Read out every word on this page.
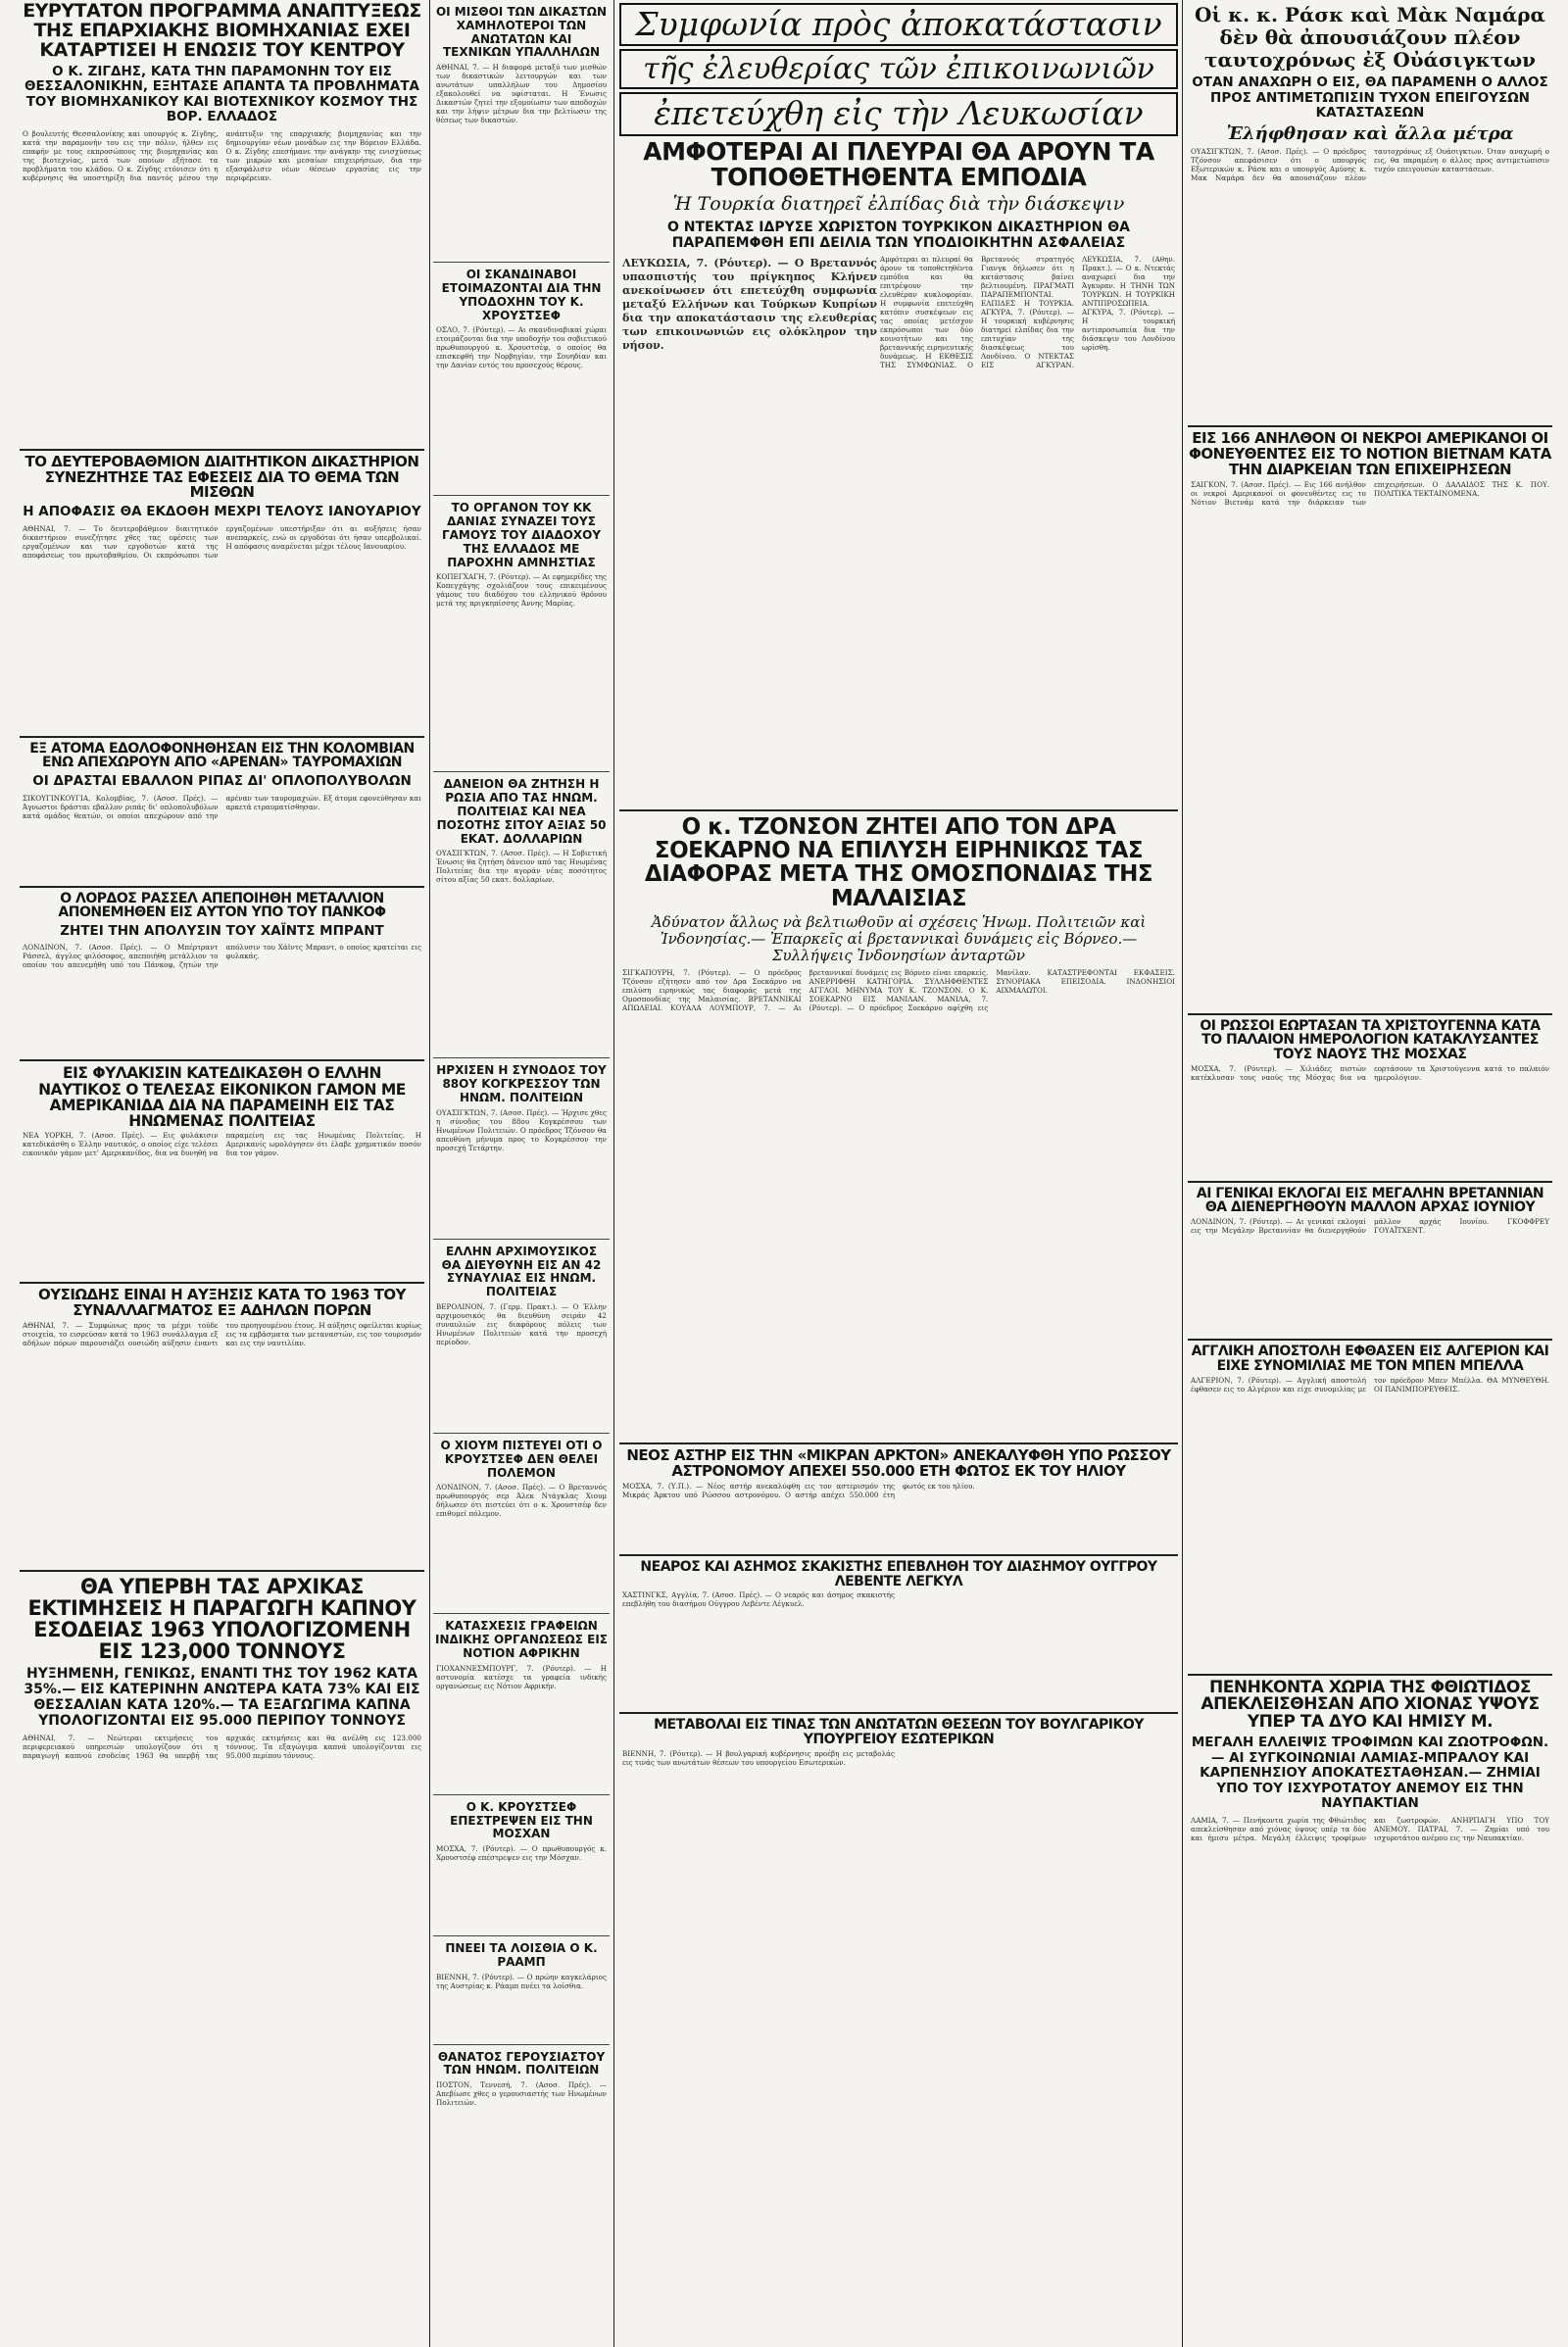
ΕΥΡΥΤΑΤΟΝ ΠΡΟΓΡΑΜΜΑ ΑΝΑΠΤΥΞΕΩΣ ΤΗΣ ΕΠΑΡΧΙΑΚΗΣ ΒΙΟΜΗΧΑΝΙΑΣ ΕΧΕΙ ΚΑΤΑΡΤΙΣΕΙ Η ΕΝΩΣΙΣ ΤΟΥ ΚΕΝΤΡΟΥ
Ο Κ. ΖΙΓΔΗΣ, ΚΑΤΑ ΤΗΝ ΠΑΡΑΜΟΝΗΝ ΤΟΥ ΕΙΣ ΘΕΣΣΑΛΟΝΙΚΗΝ, ΕΞΗΤΑΣΕ ΑΠΑΝΤΑ ΤΑ ΠΡΟΒΛΗΜΑΤΑ ΤΟΥ ΒΙΟΜΗΧΑΝΙΚΟΥ ΚΑΙ ΒΙΟΤΕΧΝΙΚΟΥ ΚΟΣΜΟΥ ΤΗΣ ΒΟΡ. ΕΛΛΑΔΟΣ
Ο βουλευτής Θεσσαλονίκης και υπουργός κ. Ζίγδης, κατά την παραμονήν του εις την πόλιν, ήλθεν εις επαφήν με τους εκπροσώπους της βιομηχανίας και της βιοτεχνίας, μετά των οποίων εξήτασε τα προβλήματα του κλάδου. Ο κ. Ζίγδης ετόνισεν ότι η κυβέρνησις θα υποστηρίξη δια παντός μέσου την ανάπτυξιν της επαρχιακής βιομηχανίας και την δημιουργίαν νέων μονάδων εις την Βόρειον Ελλάδα. Ο κ. Ζίγδης επεσήμανε την ανάγκην της ενισχύσεως των μικρών και μεσαίων επιχειρήσεων, δια την εξασφάλισιν νέων θέσεων εργασίας εις την περιφέρειαν.
ΤΟ ΔΕΥΤΕΡΟΒΑΘΜΙΟΝ ΔΙΑΙΤΗΤΙΚΟΝ ΔΙΚΑΣΤΗΡΙΟΝ ΣΥΝΕΖΗΤΗΣΕ ΤΑΣ ΕΦΕΣΕΙΣ ΔΙΑ ΤΟ ΘΕΜΑ ΤΩΝ ΜΙΣΘΩΝ
Η ΑΠΟΦΑΣΙΣ ΘΑ ΕΚΔΟΘΗ ΜΕΧΡΙ ΤΕΛΟΥΣ ΙΑΝΟΥΑΡΙΟΥ
ΑΘΗΝΑΙ, 7. — Το δευτεροβάθμιον διαιτητικόν δικαστήριον συνεζήτησε χθες τας εφέσεις των εργαζομένων και των εργοδοτών κατά της αποφάσεως του πρωτοβαθμίου. Οι εκπρόσωποι των εργαζομένων υπεστήριξαν ότι αι αυξήσεις ήσαν ανεπαρκείς, ενώ οι εργοδόται ότι ήσαν υπερβολικαί. Η απόφασις αναμένεται μέχρι τέλους Ιανουαρίου.
ΕΞ ΑΤΟΜΑ ΕΔΟΛΟΦΟΝΗΘΗΣΑΝ ΕΙΣ ΤΗΝ ΚΟΛΟΜΒΙΑΝ ΕΝΩ ΑΠΕΧΩΡΟΥΝ ΑΠΟ «ΑΡΕΝΑΝ» ΤΑΥΡΟΜΑΧΙΩΝ
ΟΙ ΔΡΑΣΤΑΙ ΕΒΑΛΛΟΝ ΡΙΠΑΣ ΔΙ' ΟΠΛΟΠΟΛΥΒΟΛΩΝ
ΣΙΚΟΥΓΙΝΚΟΥΓΙΑ, Κολομβίας, 7. (Ασοσ. Πρές). — Άγνωστοι δράσται εβαλλον ριπάς δι' οπλοπολυβόλων κατά ομάδος θεατών, οι οποίοι απεχώρουν από την αρέναν των ταυρομαχιών. Εξ άτομα εφονεύθησαν και αρκετά ετραυματίσθησαν.
Ο ΛΟΡΔΟΣ ΡΑΣΣΕΛ ΑΠΕΠΟΙΗΘΗ ΜΕΤΑΛΛΙΟΝ ΑΠΟΝΕΜΗΘΕΝ ΕΙΣ ΑΥΤΟΝ ΥΠΟ ΤΟΥ ΠΑΝΚΟΦ
ΖΗΤΕΙ ΤΗΝ ΑΠΟΛΥΣΙΝ ΤΟΥ ΧΑΪΝΤΣ ΜΠΡΑΝΤ
ΛΟΝΔΙΝΟΝ, 7. (Ασοσ. Πρές). — Ο Μπέρτραντ Ράσσελ, άγγλος φιλόσοφος, απεποιήθη μετάλλιον το οποίον του απενεμήθη υπό του Πάνκοφ, ζητών την απόλυσιν του Χάϊντς Μπραντ, ο οποίος κρατείται εις φυλακάς.
ΕΙΣ ΦΥΛΑΚΙΣΙΝ ΚΑΤΕΔΙΚΑΣΘΗ Ο ΕΛΛΗΝ ΝΑΥΤΙΚΟΣ Ο ΤΕΛΕΣΑΣ ΕΙΚΟΝΙΚΟΝ ΓΑΜΟΝ ΜΕ ΑΜΕΡΙΚΑΝΙΔΑ ΔΙΑ ΝΑ ΠΑΡΑΜΕΙΝΗ ΕΙΣ ΤΑΣ ΗΝΩΜΕΝΑΣ ΠΟΛΙΤΕΙΑΣ
ΝΕΑ ΥΟΡΚΗ, 7. (Ασοσ. Πρές). — Εις φυλάκισιν κατεδικάσθη ο Έλλην ναυτικός, ο οποίος είχε τελέσει εικονικόν γάμον μετ' Αμερικανίδος, δια να δυνηθή να παραμείνη εις τας Ηνωμένας Πολιτείας. Η Αμερικανίς ωμολόγησεν ότι έλαβε χρηματικόν ποσόν δια τον γάμον.
ΟΥΣΙΩΔΗΣ ΕΙΝΑΙ Η ΑΥΞΗΣΙΣ ΚΑΤΑ ΤΟ 1963 ΤΟΥ ΣΥΝΑΛΛΑΓΜΑΤΟΣ ΕΞ ΑΔΗΛΩΝ ΠΟΡΩΝ
ΑΘΗΝΑΙ, 7. — Συμφώνως προς τα μέχρι τούδε στοιχεία, το εισρεύσαν κατά το 1963 συνάλλαγμα εξ αδήλων πόρων παρουσιάζει ουσιώδη αύξησιν έναντι του προηγουμένου έτους. Η αύξησις οφείλεται κυρίως εις τα εμβάσματα των μεταναστών, εις τον τουρισμόν και εις την ναυτιλίαν.
ΘΑ ΥΠΕΡΒΗ ΤΑΣ ΑΡΧΙΚΑΣ ΕΚΤΙΜΗΣΕΙΣ Η ΠΑΡΑΓΩΓΗ ΚΑΠΝΟΥ ΕΣΟΔΕΙΑΣ 1963 ΥΠΟΛΟΓΙΖΟΜΕΝΗ ΕΙΣ 123,000 ΤΟΝΝΟΥΣ
ΗΥΞΗΜΕΝΗ, ΓΕΝΙΚΩΣ, ΕΝΑΝΤΙ ΤΗΣ ΤΟΥ 1962 ΚΑΤΑ 35%.— ΕΙΣ ΚΑΤΕΡΙΝΗΝ ΑΝΩΤΕΡΑ ΚΑΤΑ 73% ΚΑΙ ΕΙΣ ΘΕΣΣΑΛΙΑΝ ΚΑΤΑ 120%.— ΤΑ ΕΞΑΓΩΓΙΜΑ ΚΑΠΝΑ ΥΠΟΛΟΓΙΖΟΝΤΑΙ ΕΙΣ 95.000 ΠΕΡΙΠΟΥ ΤΟΝΝΟΥΣ
ΑΘΗΝΑΙ, 7. — Νεώτεραι εκτιμήσεις του περιφερειακού υπηρεσιών υπολογίζουν ότι η παραγωγή καπνού εσοδείας 1963 θα υπερβή τας αρχικάς εκτιμήσεις και θα ανέλθη εις 123.000 τόννους. Τα εξαγώγιμα καπνά υπολογίζονται εις 95.000 περίπου τόννους.
ΟΙ ΜΙΣΘΟΙ ΤΩΝ ΔΙΚΑΣΤΩΝ ΧΑΜΗΛΟΤΕΡΟΙ ΤΩΝ ΑΝΩΤΑΤΩΝ ΚΑΙ ΤΕΧΝΙΚΩΝ ΥΠΑΛΛΗΛΩΝ
ΑΘΗΝΑΙ, 7. — Η διαφορά μεταξύ των μισθών των δικαστικών λειτουργών και των ανωτάτων υπαλλήλων του Δημοσίου εξακολουθεί να υφίσταται. Η Ένωσις Δικαστών ζητεί την εξομοίωσιν των αποδοχών και την λήψιν μέτρων δια την βελτίωσιν της θέσεως των δικαστών.
ΟΙ ΣΚΑΝΔΙΝΑΒΟΙ ΕΤΟΙΜΑΖΟΝΤΑΙ ΔΙΑ ΤΗΝ ΥΠΟΔΟΧΗΝ ΤΟΥ Κ. ΧΡΟΥΣΤΣΕΦ
ΟΣΛΟ, 7. (Ρόυτερ). — Αι σκανδιναβικαί χώραι ετοιμάζονται δια την υποδοχήν του σοβιετικού πρωθυπουργού κ. Χρουστσέφ, ο οποίος θα επισκεφθή την Νορβηγίαν, την Σουηδίαν και την Δανίαν εντός του προσεχούς θέρους.
ΤΟ ΟΡΓΑΝΟΝ ΤΟΥ ΚΚ ΔΑΝΙΑΣ ΣΥΝΑΖΕΙ ΤΟΥΣ ΓΑΜΟΥΣ ΤΟΥ ΔΙΑΔΟΧΟΥ ΤΗΣ ΕΛΛΑΔΟΣ ΜΕ ΠΑΡΟΧΗΝ ΑΜΝΗΣΤΙΑΣ
ΚΟΠΕΓΧΑΓΗ, 7. (Ρόυτερ). — Αι εφημερίδες της Κοπεγχάγης σχολιάζουν τους επικειμένους γάμους του διαδόχου του ελληνικού θρόνου μετά της πριγκηπίσσης Άννης Μαρίας.
ΔΑΝΕΙΟΝ ΘΑ ΖΗΤΗΣΗ Η ΡΩΣΙΑ ΑΠΟ ΤΑΣ ΗΝΩΜ. ΠΟΛΙΤΕΙΑΣ ΚΑΙ ΝΕΑ ΠΟΣΟΤΗΣ ΣΙΤΟΥ ΑΞΙΑΣ 50 ΕΚΑΤ. ΔΟΛΛΑΡΙΩΝ
ΟΥΑΣΙΓΚΤΩΝ, 7. (Ασοσ. Πρές). — Η Σοβιετική Ένωσις θα ζητήση δάνειον από τας Ηνωμένας Πολιτείας δια την αγοράν νέας ποσότητος σίτου αξίας 50 εκατ. δολλαρίων.
ΗΡΧΙΣΕΝ Η ΣΥΝΟΔΟΣ ΤΟΥ 88ΟΥ ΚΟΓΚΡΕΣΣΟΥ ΤΩΝ ΗΝΩΜ. ΠΟΛΙΤΕΙΩΝ
ΟΥΑΣΙΓΚΤΩΝ, 7. (Ασοσ. Πρές). — Ήρχισε χθες η σύνοδος του 88ου Κογκρέσσου των Ηνωμένων Πολιτειών. Ο πρόεδρος Τζόνσον θα απευθύνη μήνυμα προς το Κογκρέσσον την προσεχή Τετάρτην.
ΕΛΛΗΝ ΑΡΧΙΜΟΥΣΙΚΟΣ ΘΑ ΔΙΕΥΘΥΝΗ ΕΙΣ ΑΝ 42 ΣΥΝΑΥΛΙΑΣ ΕΙΣ ΗΝΩΜ. ΠΟΛΙΤΕΙΑΣ
ΒΕΡΟΛΙΝΟΝ, 7. (Γερμ. Πρακτ.). — Ο Έλλην αρχιμουσικός θα διευθύνη σειράν 42 συναυλιών εις διαφόρους πόλεις των Ηνωμένων Πολιτειών κατά την προσεχή περίοδον.
Ο ΧΙΟΥΜ ΠΙΣΤΕΥΕΙ ΟΤΙ Ο ΚΡΟΥΣΤΣΕΦ ΔΕΝ ΘΕΛΕΙ ΠΟΛΕΜΟΝ
ΛΟΝΔΙΝΟΝ, 7. (Ασοσ. Πρές). — Ο Βρεταννός πρωθυπουργός σερ Άλεκ Ντάγκλας Χιουμ δήλωσεν ότι πιστεύει ότι ο κ. Χρουστσέφ δεν επιθυμεί πόλεμον.
ΚΑΤΑΣΧΕΣΙΣ ΓΡΑΦΕΙΩΝ ΙΝΔΙΚΗΣ ΟΡΓΑΝΩΣΕΩΣ ΕΙΣ ΝΟΤΙΟΝ ΑΦΡΙΚΗΝ
ΓΙΟΧΑΝΝΕΣΜΠΟΥΡΓ, 7. (Ρόυτερ). — Η αστυνομία κατέσχε τα γραφεία ινδικής οργανώσεως εις Νότιον Αφρικήν.
Ο Κ. ΚΡΟΥΣΤΣΕΦ ΕΠΕΣΤΡΕΨΕΝ ΕΙΣ ΤΗΝ ΜΟΣΧΑΝ
ΜΟΣΧΑ, 7. (Ρόυτερ). — Ο πρωθυπουργός κ. Χρουστσέφ επέστρεψεν εις την Μόσχαν.
ΠΝΕΕΙ ΤΑ ΛΟΙΣΘΙΑ Ο Κ. ΡΑΑΜΠ
ΒΙΕΝΝΗ, 7. (Ρόυτερ). — Ο πρώην καγκελάριος της Αυστρίας κ. Ράαμπ πνέει τα λοίσθια.
ΘΑΝΑΤΟΣ ΓΕΡΟΥΣΙΑΣΤΟΥ ΤΩΝ ΗΝΩΜ. ΠΟΛΙΤΕΙΩΝ
ΠΟΣΤΟΝ, Τεννεσή, 7. (Ασοσ. Πρές). — Απεβίωσε χθες ο γερουσιαστής των Ηνωμένων Πολιτειών.
Συμφωνία πρὸς ἀποκατάστασιν
τῆς ἐλευθερίας τῶν ἐπικοινωνιῶν
ἐπετεύχθη εἰς τὴν Λευκωσίαν
ΑΜΦΟΤΕΡΑΙ ΑΙ ΠΛΕΥΡΑΙ ΘΑ ΑΡΟΥΝ ΤΑ ΤΟΠΟΘΕΤΗΘΕΝΤΑ ΕΜΠΟΔΙΑ
Ἡ Τουρκία διατηρεῖ ἐλπίδας διὰ τὴν διάσκεψιν
Ο ΝΤΕΚΤΑΣ ΙΔΡΥΣΕ ΧΩΡΙΣΤΟΝ ΤΟΥΡΚΙΚΟΝ ΔΙΚΑΣΤΗΡΙΟΝ ΘΑ ΠΑΡΑΠΕΜΦΘΗ ΕΠΙ ΔΕΙΛΙΑ ΤΩΝ ΥΠΟΔΙΟΙΚΗΤΗΝ ΑΣΦΑΛΕΙΑΣ
ΛΕΥΚΩΣΙΑ, 7. (Ρόυτερ). — Ο Βρεταννός υπασπιστής του πρίγκηπος Κλήνεν ανεκοίνωσεν ότι επετεύχθη συμφωνία μεταξύ Ελλήνων και Τούρκων Κυπρίων δια την αποκατάστασιν της ελευθερίας των επικοινωνιών εις ολόκληρον την νήσον.
Αμφότεραι αι πλευραί θα άρουν τα τοποθετηθέντα εμπόδια και θα επιτρέψουν την ελευθέραν κυκλοφορίαν. Η συμφωνία επετεύχθη κατόπιν συσκέψεων εις τας οποίας μετέσχον εκπρόσωποι των δύο κοινοτήτων και της βρεταννικής ειρηνευτικής δυνάμεως. Η ΕΚΘΕΣΙΣ ΤΗΣ ΣΥΜΦΩΝΙΑΣ. Ο Βρεταννός στρατηγός Γιανγκ δήλωσεν ότι η κατάστασις βαίνει βελτιουμένη. ΠΡΑΓΜΑΤΙ ΠΑΡΑΠΕΜΠΟΝΤΑΙ. ΕΛΠΙΔΕΣ Η ΤΟΥΡΚΙΑ. ΑΓΚΥΡΑ, 7. (Ρόυτερ). — Η τουρκική κυβέρνησις διατηρεί ελπίδας δια την επιτυχίαν της διασκέψεως του Λονδίνου. Ο ΝΤΕΚΤΑΣ ΕΙΣ ΑΓΚΥΡΑΝ. ΛΕΥΚΩΣΙΑ, 7. (Αθην. Πρακτ.). — Ο κ. Ντεκτάς αναχωρεί δια την Άγκυραν. Η ΤΗΝΗ ΤΩΝ ΤΟΥΡΚΩΝ. Η ΤΟΥΡΚΙΚΗ ΑΝΤΙΠΡΟΣΩΠΕΙΑ. ΑΓΚΥΡΑ, 7. (Ρόυτερ). — Η τουρκική αντιπροσωπεία δια την διάσκεψιν του Λονδίνου ωρίσθη.
Ο κ. ΤΖΟΝΣΟΝ ΖΗΤΕΙ ΑΠΟ ΤΟΝ ΔΡΑ ΣΟΕΚΑΡΝΟ ΝΑ ΕΠΙΛΥΣΗ ΕΙΡΗΝΙΚΩΣ ΤΑΣ ΔΙΑΦΟΡΑΣ ΜΕΤΑ ΤΗΣ ΟΜΟΣΠΟΝΔΙΑΣ ΤΗΣ ΜΑΛΑΙΣΙΑΣ
Ἀδύνατον ἄλλως νὰ βελτιωθοῦν αἱ σχέσεις Ἡνωμ. Πολιτειῶν καὶ Ἰνδονησίας.— Ἐπαρκεῖς αἱ βρεταννικαὶ δυνάμεις εἰς Βόρνεο.—Συλλήψεις Ἰνδονησίων ἀνταρτῶν
ΣΙΓΚΑΠΟΥΡΗ, 7. (Ρόυτερ). — Ο πρόεδρος Τζόνσον εζήτησεν από τον Δρα Σοεκάρνο να επιλύση ειρηνικώς τας διαφοράς μετά της Ομοσπονδίας της Μαλαισίας. ΒΡΕΤΑΝΝΙΚΑΙ ΑΠΩΛΕΙΑΙ. ΚΟΥΑΛΑ ΛΟΥΜΠΟΥΡ, 7. — Αι βρεταννικαί δυνάμεις εις Βόρνεο είναι επαρκείς. ΑΝΕΡΡΙΦΘΗ ΚΑΤΗΓΟΡΙΑ. ΣΥΛΛΗΦΘΕΝΤΕΣ ΑΓΓΛΟΙ. ΜΗΝΥΜΑ ΤΟΥ Κ. ΤΖΟΝΣΟΝ. Ο Κ. ΣΟΕΚΑΡΝΟ ΕΙΣ ΜΑΝΙΛΑΝ. ΜΑΝΙΛΑ, 7. (Ρόυτερ). — Ο πρόεδρος Σοεκάρνο αφίχθη εις Μανίλαν. ΚΑΤΑΣΤΡΕΦΟΝΤΑΙ ΕΚΦΑΣΕΙΣ. ΣΥΝΟΡΙΑΚΑ ΕΠΕΙΣΟΔΙΑ. ΙΝΔΟΝΗΣΙΟΙ ΑΙΧΜΑΛΩΤΟΙ.
ΝΕΟΣ ΑΣΤΗΡ ΕΙΣ ΤΗΝ «ΜΙΚΡΑΝ ΑΡΚΤΟΝ» ΑΝΕΚΑΛΥΦΘΗ ΥΠΟ ΡΩΣΣΟΥ ΑΣΤΡΟΝΟΜΟΥ ΑΠΕΧΕΙ 550.000 ΕΤΗ ΦΩΤΟΣ ΕΚ ΤΟΥ ΗΛΙΟΥ
ΜΟΣΧΑ, 7. (Υ.Π.). — Νέος αστήρ ανεκαλύφθη εις τον αστερισμόν της Μικράς Άρκτου υπό Ρώσσου αστρονόμου. Ο αστήρ απέχει 550.000 έτη φωτός εκ του ηλίου.
ΝΕΑΡΟΣ ΚΑΙ ΑΣΗΜΟΣ ΣΚΑΚΙΣΤΗΣ ΕΠΕΒΛΗΘΗ ΤΟΥ ΔΙΑΣΗΜΟΥ ΟΥΓΓΡΟΥ ΛΕΒΕΝΤΕ ΛΕΓΚΥΛ
ΧΑΣΤΙΝΓΚΣ, Αγγλία, 7. (Ασοσ. Πρές). — Ο νεαρός και άσημος σκακιστής επεβλήθη του διασήμου Ούγγρου Λεβέντε Λέγκυελ.
ΜΕΤΑΒΟΛΑΙ ΕΙΣ ΤΙΝΑΣ ΤΩΝ ΑΝΩΤΑΤΩΝ ΘΕΣΕΩΝ ΤΟΥ ΒΟΥΛΓΑΡΙΚΟΥ ΥΠΟΥΡΓΕΙΟΥ ΕΣΩΤΕΡΙΚΩΝ
ΒΙΕΝΝΗ, 7. (Ρόυτερ). — Η βουλγαρική κυβέρνησις προέβη εις μεταβολάς εις τινάς των ανωτάτων θέσεων του υπουργείου Εσωτερικών.
Οἱ κ. κ. Ράσκ καὶ Μὰκ Ναμάρα δὲν θὰ ἀπουσιάζουν πλέον ταυτοχρόνως ἐξ Οὐάσιγκτων
ΟΤΑΝ ΑΝΑΧΩΡΗ Ο ΕΙΣ, ΘΑ ΠΑΡΑΜΕΝΗ Ο ΑΛΛΟΣ ΠΡΟΣ ΑΝΤΙΜΕΤΩΠΙΣΙΝ ΤΥΧΟΝ ΕΠΕΙΓΟΥΣΩΝ ΚΑΤΑΣΤΑΣΕΩΝ
Ἐλήφθησαν καὶ ἄλλα μέτρα
ΟΥΑΣΙΓΚΤΩΝ, 7. (Ασοσ. Πρές). — Ο πρόεδρος Τζόνσον απεφάσισεν ότι ο υπουργός Εξωτερικών κ. Ράσκ και ο υπουργός Αμύνης κ. Μακ Ναμάρα δεν θα απουσιάζουν πλέον ταυτοχρόνως εξ Ουάσιγκτων. Όταν αναχωρή ο εις, θα παραμένη ο άλλος προς αντιμετώπισιν τυχόν επειγουσών καταστάσεων.
ΕΙΣ 166 ΑΝΗΛΘΟΝ ΟΙ ΝΕΚΡΟΙ ΑΜΕΡΙΚΑΝΟΙ ΟΙ ΦΟΝΕΥΘΕΝΤΕΣ ΕΙΣ ΤΟ ΝΟΤΙΟΝ ΒΙΕΤΝΑΜ ΚΑΤΑ ΤΗΝ ΔΙΑΡΚΕΙΑΝ ΤΩΝ ΕΠΙΧΕΙΡΗΣΕΩΝ
ΣΑΙΓΚΟΝ, 7. (Ασοσ. Πρές). — Εις 166 ανήλθον οι νεκροί Αμερικανοί οι φονευθέντες εις το Νότιον Βιετνάμ κατά την διάρκειαν των επιχειρήσεων. Ο ΔΑΛΑΙΔΟΣ ΤΗΣ Κ. ΠΟΥ. ΠΟΛΙΤΙΚΑ ΤΕΚΤΑΙΝΟΜΕΝΑ.
ΟΙ ΡΩΣΣΟΙ ΕΩΡΤΑΣΑΝ ΤΑ ΧΡΙΣΤΟΥΓΕΝΝΑ ΚΑΤΑ ΤΟ ΠΑΛΑΙΟΝ ΗΜΕΡΟΛΟΓΙΟΝ ΚΑΤΑΚΛΥΣΑΝΤΕΣ ΤΟΥΣ ΝΑΟΥΣ ΤΗΣ ΜΟΣΧΑΣ
ΜΟΣΧΑ, 7. (Ρόυτερ). — Χιλιάδες πιστών κατέκλυσαν τους ναούς της Μόσχας δια να εορτάσουν τα Χριστούγεννα κατά το παλαιόν ημερολόγιον.
ΑΙ ΓΕΝΙΚΑΙ ΕΚΛΟΓΑΙ ΕΙΣ ΜΕΓΑΛΗΝ ΒΡΕΤΑΝΝΙΑΝ ΘΑ ΔΙΕΝΕΡΓΗΘΟΥΝ ΜΑΛΛΟΝ ΑΡΧΑΣ ΙΟΥΝΙΟΥ
ΛΟΝΔΙΝΟΝ, 7. (Ρόυτερ). — Αι γενικαί εκλογαί εις την Μεγάλην Βρεταννίαν θα διενεργηθούν μάλλον αρχάς Ιουνίου. ΓΚΟΦΦΡΕΥ ΓΟΥΑΪΤΧΕΝΤ.
ΑΓΓΛΙΚΗ ΑΠΟΣΤΟΛΗ ΕΦΘΑΣΕΝ ΕΙΣ ΑΛΓΕΡΙΟΝ ΚΑΙ ΕΙΧΕ ΣΥΝΟΜΙΛΙΑΣ ΜΕ ΤΟΝ ΜΠΕΝ ΜΠΕΛΛΑ
ΑΛΓΕΡΙΟΝ, 7. (Ρόυτερ). — Αγγλική αποστολή έφθασεν εις το Αλγέριον και είχε συνομιλίας με τον πρόεδρον Μπεν Μπέλλα. ΘΑ ΜΥΝΘΕΥΘΗ. ΟΙ ΠΑΝΙΜΠΟΡΕΥΘΕΙΣ.
ΠΕΝΗΚΟΝΤΑ ΧΩΡΙΑ ΤΗΣ ΦΘΙΩΤΙΔΟΣ ΑΠΕΚΛΕΙΣΘΗΣΑΝ ΑΠΟ ΧΙΟΝΑΣ ΥΨΟΥΣ ΥΠΕΡ ΤΑ ΔΥΟ ΚΑΙ ΗΜΙΣΥ Μ.
ΜΕΓΑΛΗ ΕΛΛΕΙΨΙΣ ΤΡΟΦΙΜΩΝ ΚΑΙ ΖΩΟΤΡΟΦΩΝ.— ΑΙ ΣΥΓΚΟΙΝΩΝΙΑΙ ΛΑΜΙΑΣ-ΜΠΡΑΛΟΥ ΚΑΙ ΚΑΡΠΕΝΗΣΙΟΥ ΑΠΟΚΑΤΕΣΤΑΘΗΣΑΝ.— ΖΗΜΙΑΙ ΥΠΟ ΤΟΥ ΙΣΧΥΡΟΤΑΤΟΥ ΑΝΕΜΟΥ ΕΙΣ ΤΗΝ ΝΑΥΠΑΚΤΙΑΝ
ΛΑΜΙΑ, 7. — Πενήκοντα χωρία της Φθιώτιδος απεκλείσθησαν από χιόνας ύψους υπέρ τα δύο και ήμισυ μέτρα. Μεγάλη έλλειψις τροφίμων και ζωοτροφών. ΑΝΗΡΠΑΓΗ ΥΠΟ ΤΟΥ ΑΝΕΜΟΥ. ΠΑΤΡΑΙ, 7. — Ζημίαι υπό του ισχυροτάτου ανέμου εις την Ναυπακτίαν.
